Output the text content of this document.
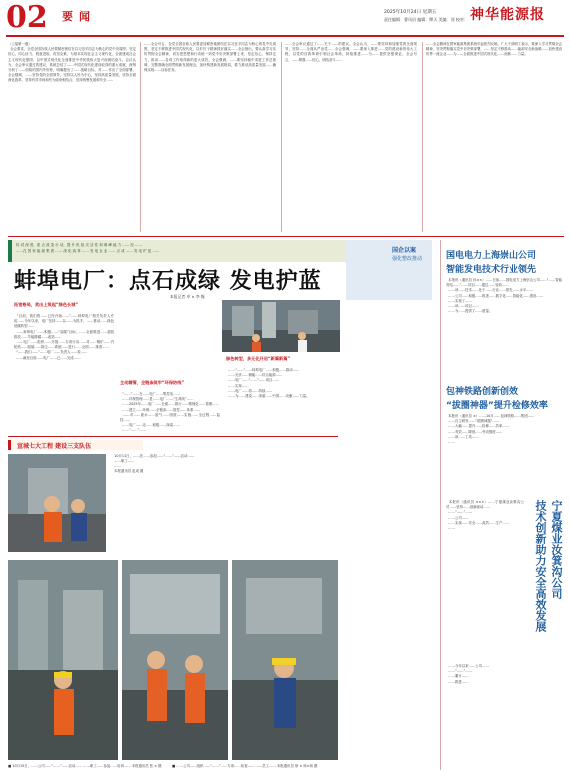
02 要闻	2025年10月24日 星期五
责任编辑：曹凤田 编辑：缪天 美编：刘 校对： 神华能源报
（上接第一版）
全会要求，全党全国各族人民要紧密团结在以习近平同志为核心的党中央周围，坚定信心、同心协力、锐意进取、攻坚克难，为基本实现社会主义现代化、全面建成社会主义现代化强国、以中国式现代化全面推进中华民族伟大复兴而团结奋斗。会议认为，全会审议通过的建议，系统总结了……中国式现代化建设取得的重大成就，深刻分析了……面临的国内外形势，明确提出了……战略目标，对……作出了全面部署。全会强调，……坚持党的全面领导，坚持以人民为中心，坚持高质量发展，坚持全面深化改革，坚持有效市场和有为政府相结合，坚持统筹发展和安全……
……全会号召，全党全国各族人民要更加紧密地团结在以习近平同志为核心的党中央周围，坚定不移推进中国式现代化，以钉钉子精神抓好落实……全会指出，要认真学习宣传贯彻全会精神，切实把思想和行动统一到党中央决策部署上来，坚定信心、保持定力，推动……各项工作取得新的更大成效。全会强调，……要坚持稳中求进工作总基调，完整准确全面贯彻新发展理念，加快构建新发展格局，着力推动高质量发展……确保实现……目标任务。
……全会审议通过了……关于……的建议。全会认为，……要坚持和加强党的全面领导，坚持……全面从严治党……全会强调，……要深入推进……党的建设新的伟大工程，以党的自我革命引领社会革命，持续推进……为……提供坚强保证。全会号召，……增强……信心，团结奋斗……
……全会精神在国家能源集团系统引起热烈反响。广大干部职工表示，要深入学习贯彻全会精神，坚决贯彻落实党中央决策部署，……坚定不移推动……能源安全新战略……加快建设世界一流企业……为……全面推进中国式现代化……贡献……力量。
转 试 深 度，质 点 改 造 行 动，提 升 机 组 灵 活 性 和 调 峰 能 力 …… 经 ……
……在 国 家 能 源 集 团 …… 深 化 改 革 …… 发 电 企 业 …… 点 成 …… 发 电 护 蓝 ……
蚌埠电厂：点石成绿 发电护蓝
本报记者 卓 × 李 翰
拓宽格局，奖出上筑起“绿色长城”
“目前，我们的……已经开始……”……蚌埠电厂相关负责人介绍……今年以来，电厂坚持……以……为抓手，……推动……绿色低碳转型……
……蚌埠电厂……积极……“双碳”目标，……全面推进……超低排放……节能降碳……改造……
……电厂……组织……开展……专项行动……对……锅炉……汽轮机……脱硫……除尘……系统……进行……全面……排查……
“……我们……”……电厂……负责人……说……
……截至目前……电厂……已……完成……
主动精管，全链条筑牢“环保防线”
“……”……在……电厂……集控室……
……环保管理……是……电厂……“生命线”……
……2025年……电厂……全面……推行……精细化……管理……
……建立……环保……全链条……管控……体系……
……对……废水……废气……固废……实施……全过程……监控……
……电厂……还……积极……探索……
……“……”……
绿色转型，多元化开启“新篇新篇”
……“……”……蚌埠电厂……积极……推动……
……光伏……储能……综合能源……
……电厂……“……”……项目……
……实现……
……电厂……将……持续……
……为……建设……美丽……中国……贡献……力量。
国企以案
强化整改推动
宣城七大工程 建设三支队伍
10月11日，……在……参加……“……”……活动……
……职工……
……
本报通讯员 赵成 摄
■ 10月15日，……公司……“……”……活动…… ……职工……参加……培训…… 本报通讯员 张 × 摄	■ ……公司……组织……“……”……专项……检查…… ……员工…… 本报通讯员 徐 × 杨×扬 摄
国电电力上海崇山公司
智能发电技术行业领先
本报讯（通讯员 孙××）……日前……国电电力上海崇山公司……“……智能发电……”……项目……通过……验收……
……该……技术……处于……行业……领先……水平……
……公司……积极……推进……数字化……智能化……建设……
……实现了……
……该……项目……
……为……提供了……借鉴。
包神铁路创新创效
“拔圈神器”提升检修效率
本报讯（通讯员 ×）……10月……包神铁路……集团……
……自主研发……“拔圈神器”……
……大幅……提升……检修……效率……
……有效……降低……劳动强度……
……该……工具……
……
本报讯（通讯员 ×××）……宁夏煤业汝箕沟公司……坚持……创新驱动……
……“……”……
……公司……
……实现……安全……高效……生产……
……	宁夏煤业汝箕沟公司
技术创新助力安全高效发展
……今年以来……公司……
……“……”……
……累计……
……推进……
